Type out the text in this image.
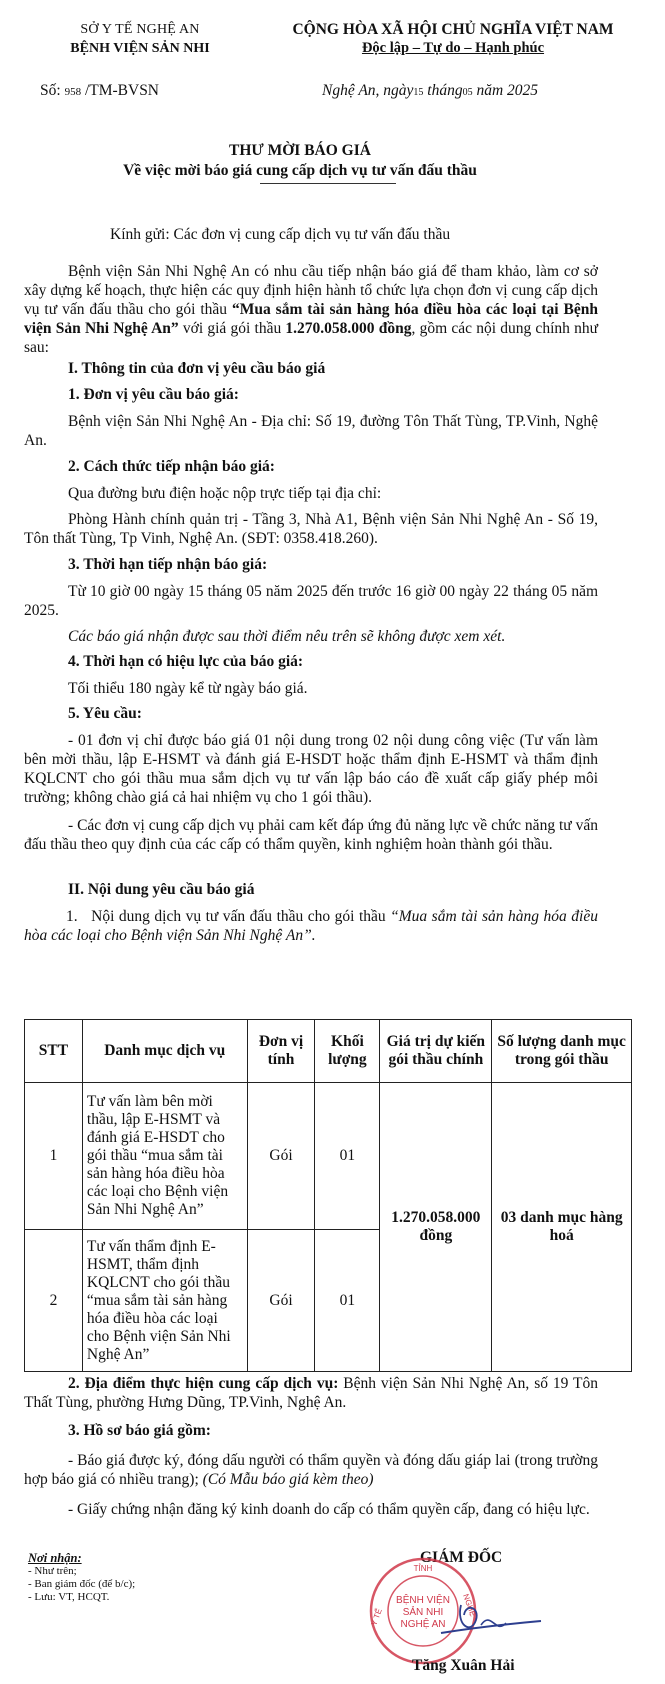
SỞ Y TẾ NGHỆ AN
BỆNH VIỆN SẢN NHI
CỘNG HÒA XÃ HỘI CHỦ NGHĨA VIỆT NAM
Độc lập – Tự do – Hạnh phúc
Số: 958 /TM-BVSN	Nghệ An, ngày15 tháng05 năm 2025
THƯ MỜI BÁO GIÁ
Về việc mời báo giá cung cấp dịch vụ tư vấn đấu thầu
Kính gửi: Các đơn vị cung cấp dịch vụ tư vấn đấu thầu
Bệnh viện Sản Nhi Nghệ An có nhu cầu tiếp nhận báo giá để tham khảo, làm cơ sở xây dựng kế hoạch, thực hiện các quy định hiện hành tổ chức lựa chọn đơn vị cung cấp dịch vụ tư vấn đấu thầu cho gói thầu “Mua sắm tài sản hàng hóa điều hòa các loại tại Bệnh viện Sản Nhi Nghệ An” với giá gói thầu 1.270.058.000 đồng, gồm các nội dung chính như sau:
I. Thông tin của đơn vị yêu cầu báo giá
1. Đơn vị yêu cầu báo giá:
Bệnh viện Sản Nhi Nghệ An - Địa chỉ: Số 19, đường Tôn Thất Tùng, TP.Vinh, Nghệ An.
2. Cách thức tiếp nhận báo giá:
Qua đường bưu điện hoặc nộp trực tiếp tại địa chỉ:
Phòng Hành chính quản trị - Tầng 3, Nhà A1, Bệnh viện Sản Nhi Nghệ An - Số 19, Tôn thất Tùng, Tp Vinh, Nghệ An. (SĐT: 0358.418.260).
3. Thời hạn tiếp nhận báo giá:
Từ 10 giờ 00 ngày 15 tháng 05 năm 2025 đến trước 16 giờ 00 ngày 22 tháng 05 năm 2025.
Các báo giá nhận được sau thời điểm nêu trên sẽ không được xem xét.
4. Thời hạn có hiệu lực của báo giá:
Tối thiểu 180 ngày kể từ ngày báo giá.
5. Yêu cầu:
- 01 đơn vị chỉ được báo giá 01 nội dung trong 02 nội dung công việc (Tư vấn làm bên mời thầu, lập E-HSMT và đánh giá E-HSDT hoặc thẩm định E-HSMT và thẩm định KQLCNT cho gói thầu mua sắm dịch vụ tư vấn lập báo cáo đề xuất cấp giấy phép môi trường; không chào giá cả hai nhiệm vụ cho 1 gói thầu).
- Các đơn vị cung cấp dịch vụ phải cam kết đáp ứng đủ năng lực về chức năng tư vấn đấu thầu theo quy định của các cấp có thẩm quyền, kinh nghiệm hoàn thành gói thầu.
II. Nội dung yêu cầu báo giá
1. Nội dung dịch vụ tư vấn đấu thầu cho gói thầu “Mua sắm tài sản hàng hóa điều hòa các loại cho Bệnh viện Sản Nhi Nghệ An”.
STT	Danh mục dịch vụ	Đơn vị tính	Khối lượng	Giá trị dự kiến gói thầu chính	Số lượng danh mục trong gói thầu
1	Tư vấn làm bên mời thầu, lập E-HSMT và đánh giá E-HSDT cho gói thầu “mua sắm tài sản hàng hóa điều hòa các loại cho Bệnh viện Sản Nhi Nghệ An”	Gói	01	1.270.058.000 đồng	03 danh mục hàng hoá
2	Tư vấn thẩm định E-HSMT, thẩm định KQLCNT cho gói thầu “mua sắm tài sản hàng hóa điều hòa các loại cho Bệnh viện Sản Nhi Nghệ An”	Gói	01		
2. Địa điểm thực hiện cung cấp dịch vụ: Bệnh viện Sản Nhi Nghệ An, số 19 Tôn Thất Tùng, phường Hưng Dũng, TP.Vinh, Nghệ An.
3. Hồ sơ báo giá gồm:
- Báo giá được ký, đóng dấu người có thẩm quyền và đóng dấu giáp lai (trong trường hợp báo giá có nhiều trang); (Có Mẫu báo giá kèm theo)
- Giấy chứng nhận đăng ký kinh doanh do cấp có thẩm quyền cấp, đang có hiệu lực.
Nơi nhận:
- Như trên;
- Ban giám đốc (để b/c);
- Lưu: VT, HCQT.
GIÁM ĐỐC
TỈNH
Y TẾ	NGHỆ
BỆNH VIỆN
SẢN NHI
NGHỆ AN
Tăng Xuân Hải
